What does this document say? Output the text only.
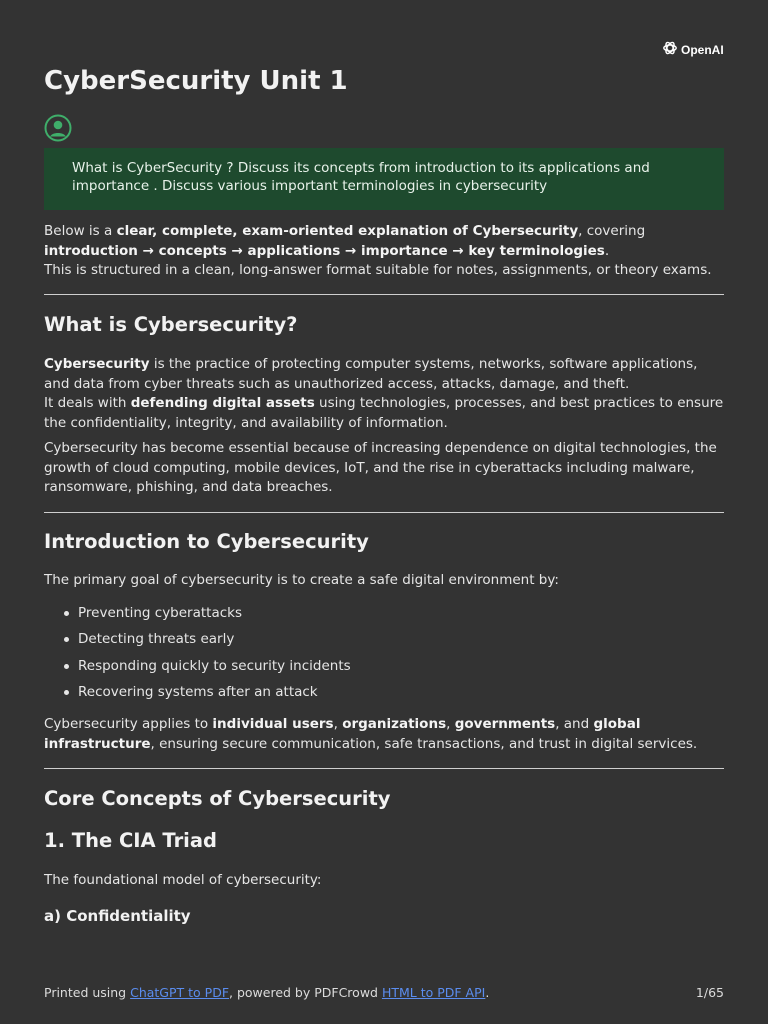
OpenAI
CyberSecurity Unit 1
What is CyberSecurity ? Discuss its concepts from introduction to its applications and importance . Discuss various important terminologies in cybersecurity

Below is a clear, complete, exam-oriented explanation of Cybersecurity, covering introduction → concepts → applications → importance → key terminologies.
This is structured in a clean, long-answer format suitable for notes, assignments, or theory exams.

What is Cybersecurity?

Cybersecurity is the practice of protecting computer systems, networks, software applications, and data from cyber threats such as unauthorized access, attacks, damage, and theft.
It deals with defending digital assets using technologies, processes, and best practices to ensure the confidentiality, integrity, and availability of information.

Cybersecurity has become essential because of increasing dependence on digital technologies, the growth of cloud computing, mobile devices, IoT, and the rise in cyberattacks including malware, ransomware, phishing, and data breaches.

Introduction to Cybersecurity

The primary goal of cybersecurity is to create a safe digital environment by:

Preventing cyberattacks
Detecting threats early
Responding quickly to security incidents
Recovering systems after an attack

Cybersecurity applies to individual users, organizations, governments, and global infrastructure, ensuring secure communication, safe transactions, and trust in digital services.

Core Concepts of Cybersecurity
1. The CIA Triad

The foundational model of cybersecurity:

a) Confidentiality
Printed using ChatGPT to PDF, powered by PDFCrowd HTML to PDF API.	1/65
